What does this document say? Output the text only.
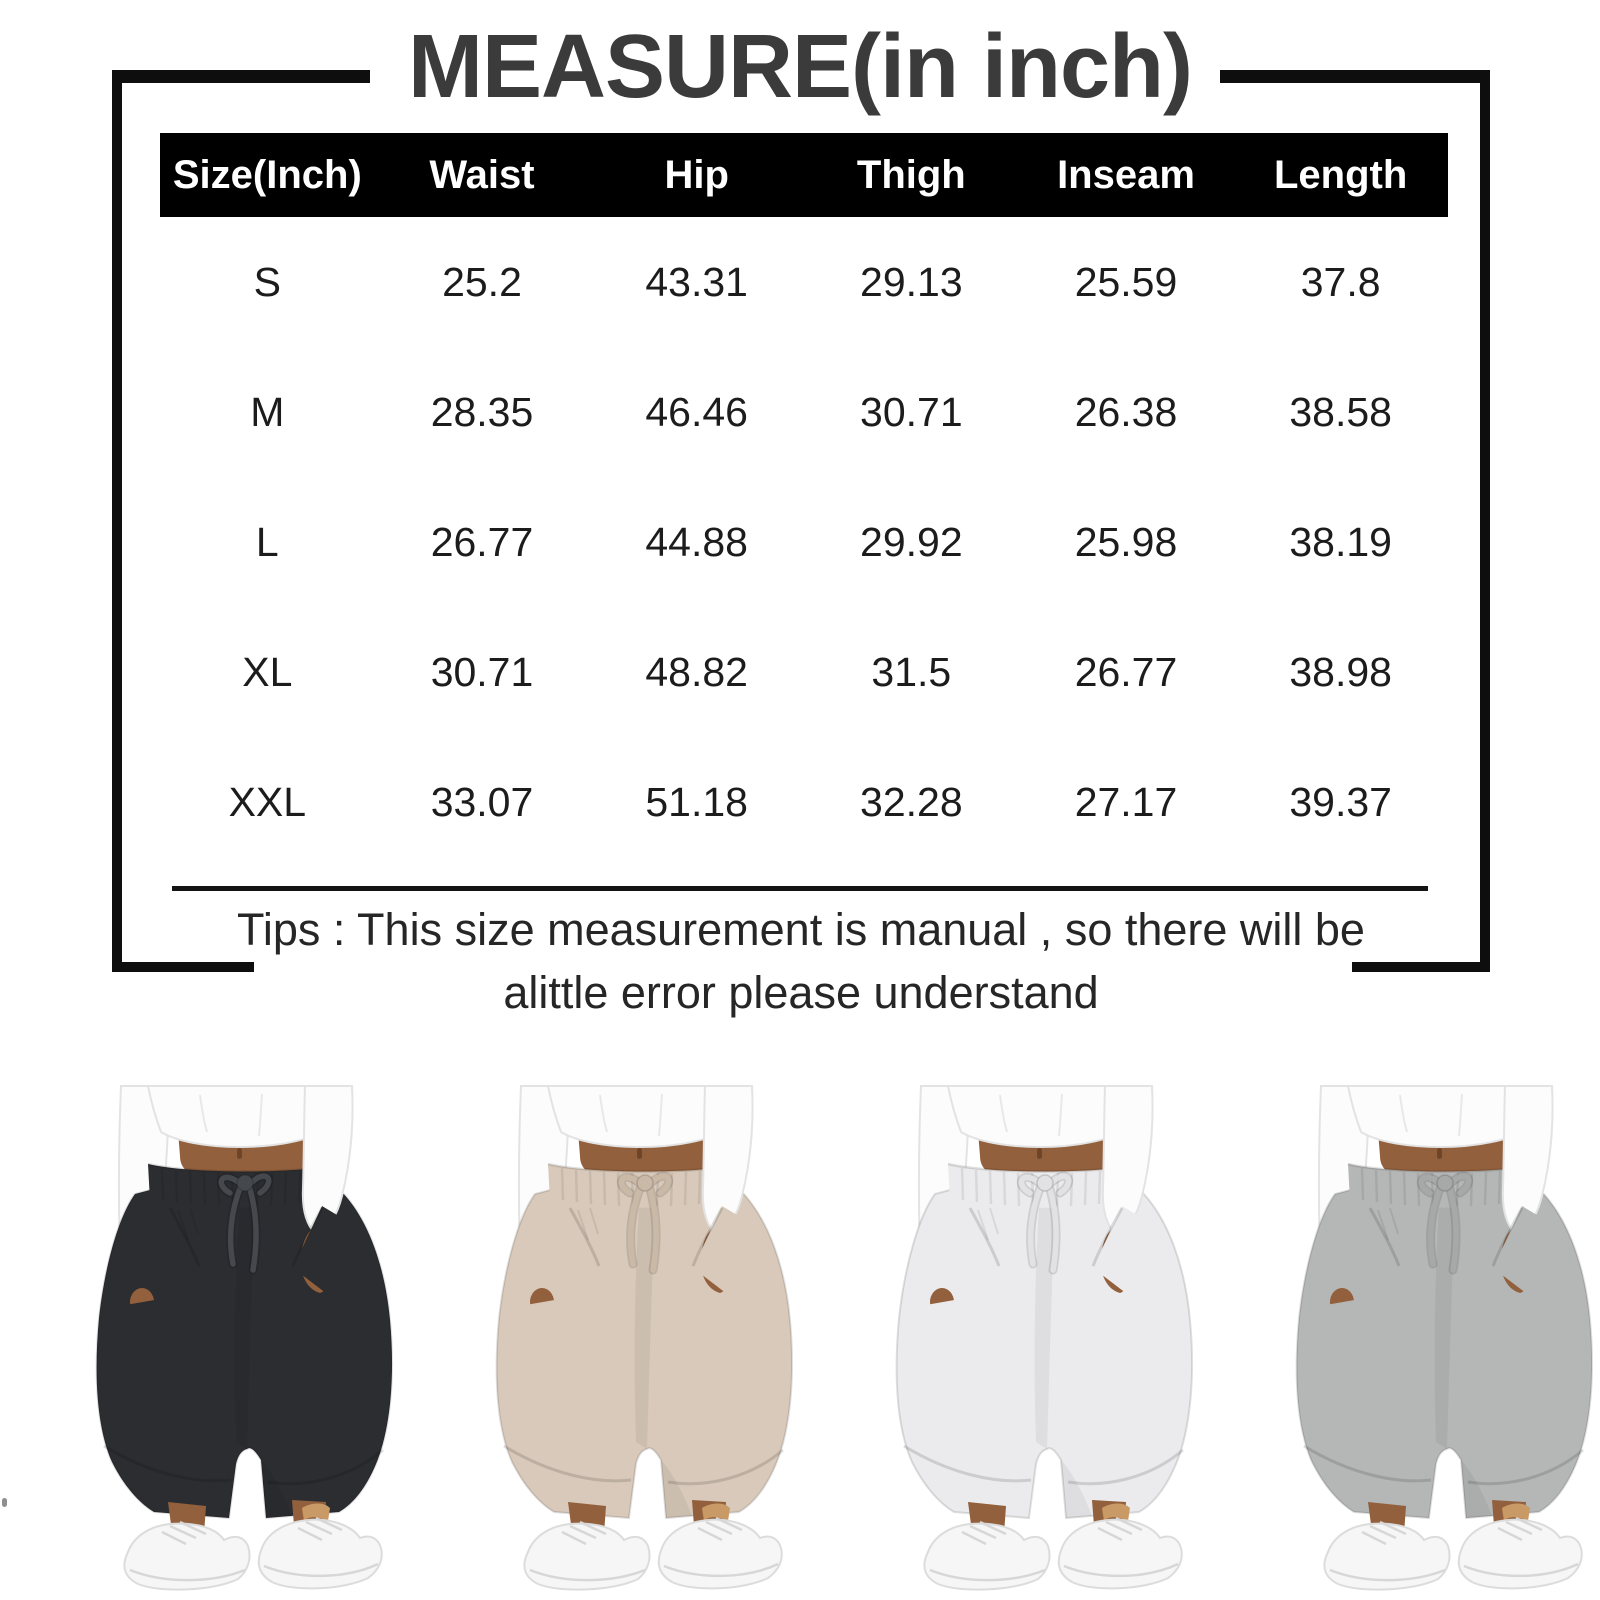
MEASURE(in inch)
Size(Inch)	Waist	Hip	Thigh	Inseam	Length
S	25.2	43.31	29.13	25.59	37.8
M	28.35	46.46	30.71	26.38	38.58
L	26.77	44.88	29.92	25.98	38.19
XL	30.71	48.82	31.5	26.77	38.98
XXL	33.07	51.18	32.28	27.17	39.37
Tips : This size measurement is manual , so there will be
alittle error please understand
